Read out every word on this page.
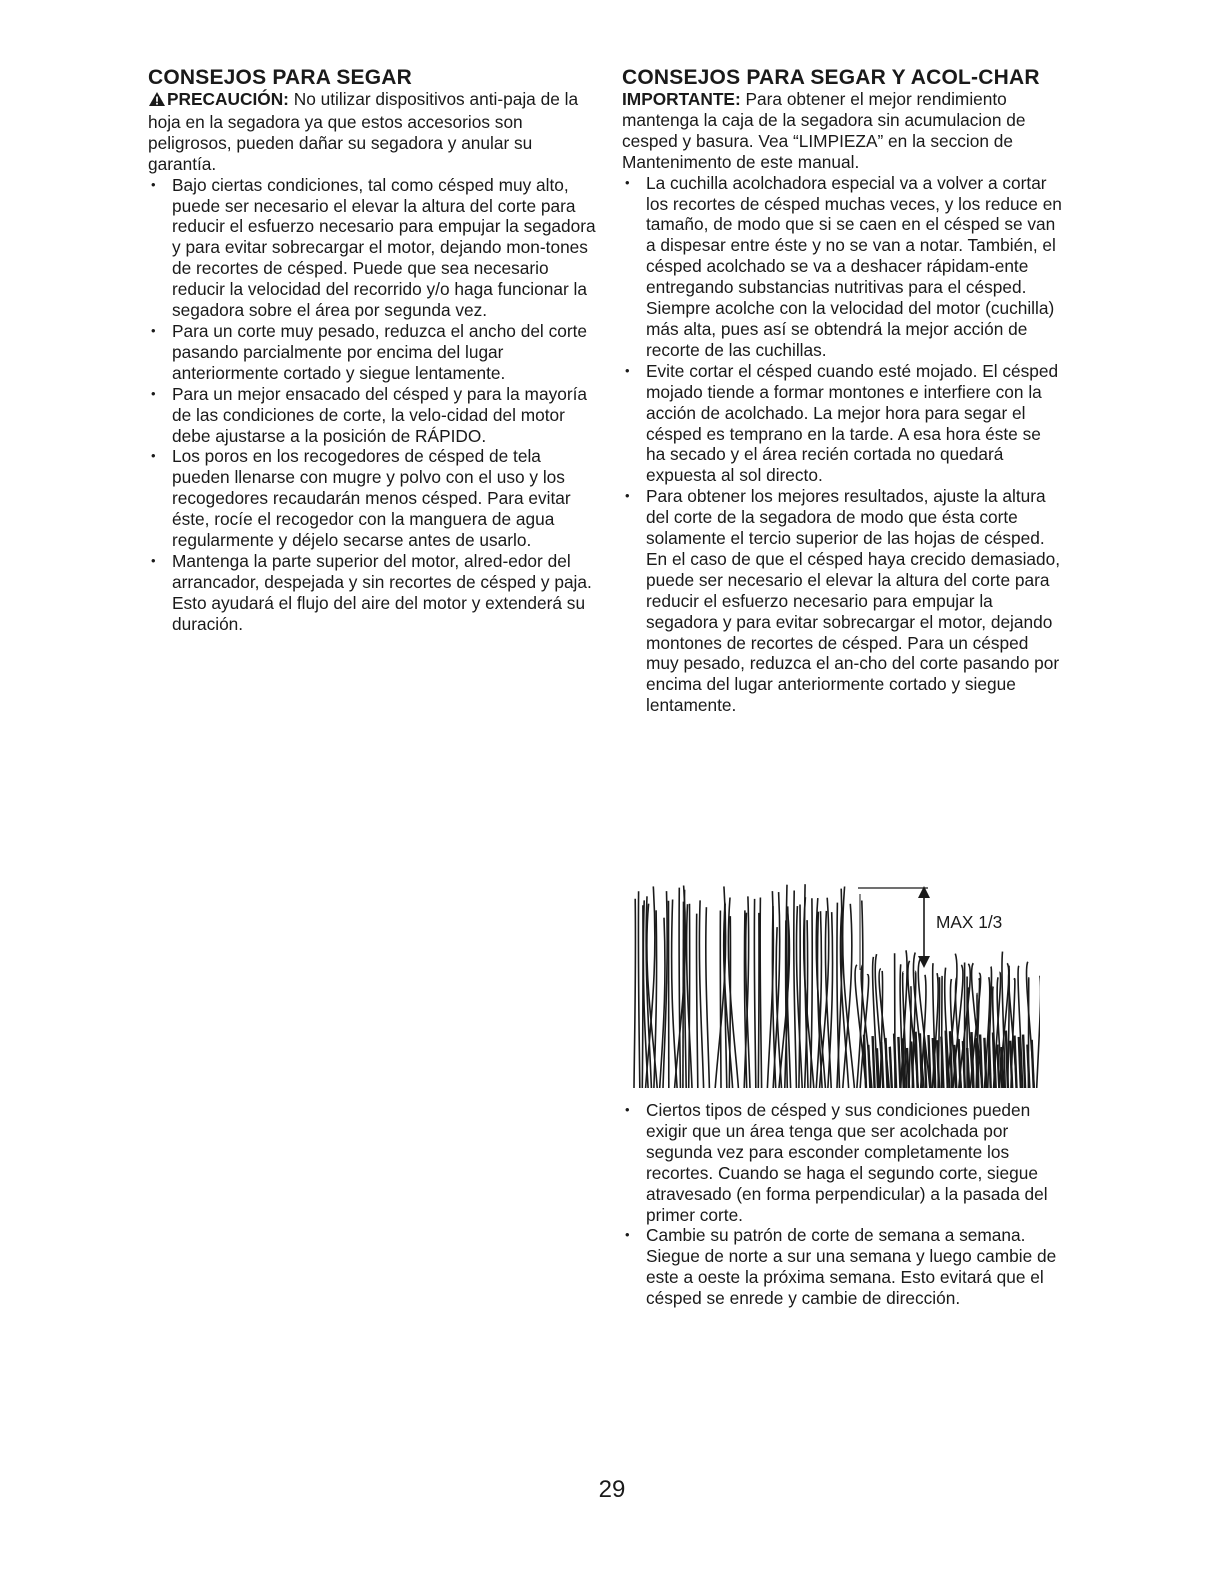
CONSEJOS PARA SEGAR

PRECAUCIÓN: No utilizar dispositivos anti-paja de la hoja en la segadora ya que estos accesorios son peligrosos, pueden dañar su segadora y anular su garantía.

• Bajo ciertas condiciones, tal como césped muy alto, puede ser necesario el elevar la altura del corte para reducir el esfuerzo necesario para empujar la segadora y para evitar sobrecargar el motor, dejando mon-tones de recortes de césped. Puede que sea necesario reducir la velocidad del recorrido y/o haga funcionar la segadora sobre el área por segunda vez.
• Para un corte muy pesado, reduzca el ancho del corte pasando parcialmente por encima del lugar anteriormente cortado y siegue lentamente.
• Para un mejor ensacado del césped y para la mayoría de las condiciones de corte, la velo-cidad del motor debe ajustarse a la posición de RÁPIDO.
• Los poros en los recogedores de césped de tela pueden llenarse con mugre y polvo con el uso y los recogedores recaudarán menos césped. Para evitar éste, rocíe el recogedor con la manguera de agua regularmente y déjelo secarse antes de usarlo.
• Mantenga la parte superior del motor, alred-edor del arrancador, despejada y sin recortes de césped y paja. Esto ayudará el flujo del aire del motor y extenderá su duración.
CONSEJOS PARA SEGAR Y ACOL-CHAR

IMPORTANTE: Para obtener el mejor rendimiento mantenga la caja de la segadora sin acumulacion de cesped y basura. Vea “LIMPIEZA” en la seccion de Mantenimento de este manual.

• La cuchilla acolchadora especial va a volver a cortar los recortes de césped muchas veces, y los reduce en tamaño, de modo que si se caen en el césped se van a dispesar entre éste y no se van a notar. También, el césped acolchado se va a deshacer rápidam-ente entregando substancias nutritivas para el césped. Siempre acolche con la velocidad del motor (cuchilla) más alta, pues así se obtendrá la mejor acción de recorte de las cuchillas.
• Evite cortar el césped cuando esté mojado. El césped mojado tiende a formar montones e interfiere con la acción de acolchado. La mejor hora para segar el césped es temprano en la tarde. A esa hora éste se ha secado y el área recién cortada no quedará expuesta al sol directo.
• Para obtener los mejores resultados, ajuste la altura del corte de la segadora de modo que ésta corte solamente el tercio superior de las hojas de césped. En el caso de que el césped haya crecido demasiado, puede ser necesario el elevar la altura del corte para reducir el esfuerzo necesario para empujar la segadora y para evitar sobrecargar el motor, dejando montones de recortes de césped. Para un césped muy pesado, reduzca el an-cho del corte pasando por encima del lugar anteriormente cortado y siegue lentamente.
MAX 1/3
• Ciertos tipos de césped y sus condiciones pueden exigir que un área tenga que ser acolchada por segunda vez para esconder completamente los recortes. Cuando se haga el segundo corte, siegue atravesado (en forma perpendicular) a la pasada del primer corte.
• Cambie su patrón de corte de semana a semana. Siegue de norte a sur una semana y luego cambie de este a oeste la próxima semana. Esto evitará que el césped se enrede y cambie de dirección.
29
